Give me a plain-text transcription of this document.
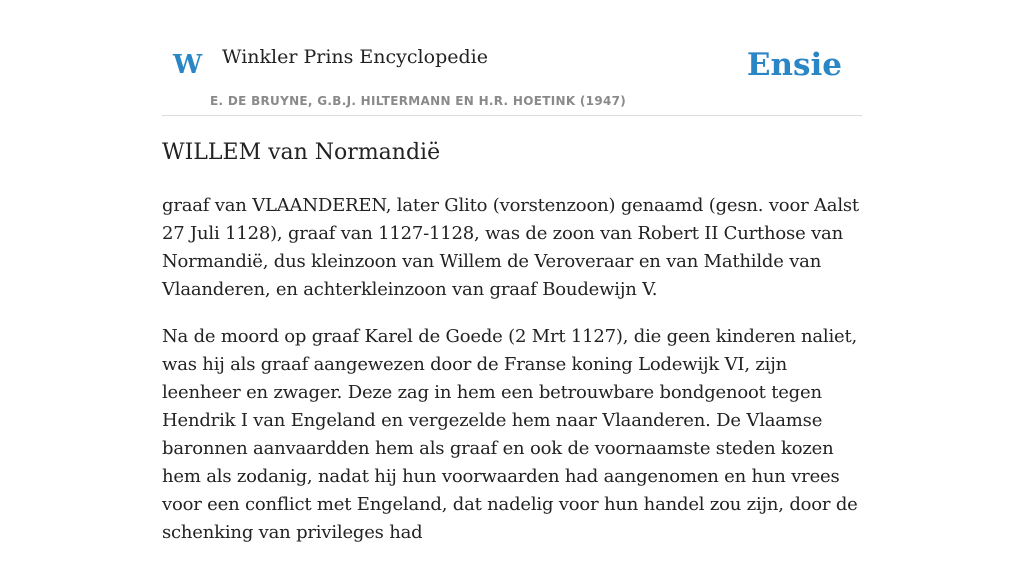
W Winkler Prins Encyclopedie
E. DE BRUYNE, G.B.J. HILTERMANN EN H.R. HOETINK (1947)
Ensie
WILLEM van Normandië

graaf van VLAANDEREN, later Glito (vorstenzoon) genaamd (gesn. voor Aalst 27 Juli 1128), graaf van 1127-1128, was de zoon van Robert II Curthose van Normandië, dus kleinzoon van Willem de Veroveraar en van Mathilde van Vlaanderen, en achterkleinzoon van graaf Boudewijn V.

Na de moord op graaf Karel de Goede (2 Mrt 1127), die geen kinderen naliet, was hij als graaf aangewezen door de Franse koning Lodewijk VI, zijn leenheer en zwager. Deze zag in hem een betrouwbare bondgenoot tegen Hendrik I van Engeland en vergezelde hem naar Vlaanderen. De Vlaamse baronnen aanvaardden hem als graaf en ook de voornaamste steden kozen hem als zodanig, nadat hij hun voorwaarden had aangenomen en hun vrees voor een conflict met Engeland, dat nadelig voor hun handel zou zijn, door de schenking van privileges had
